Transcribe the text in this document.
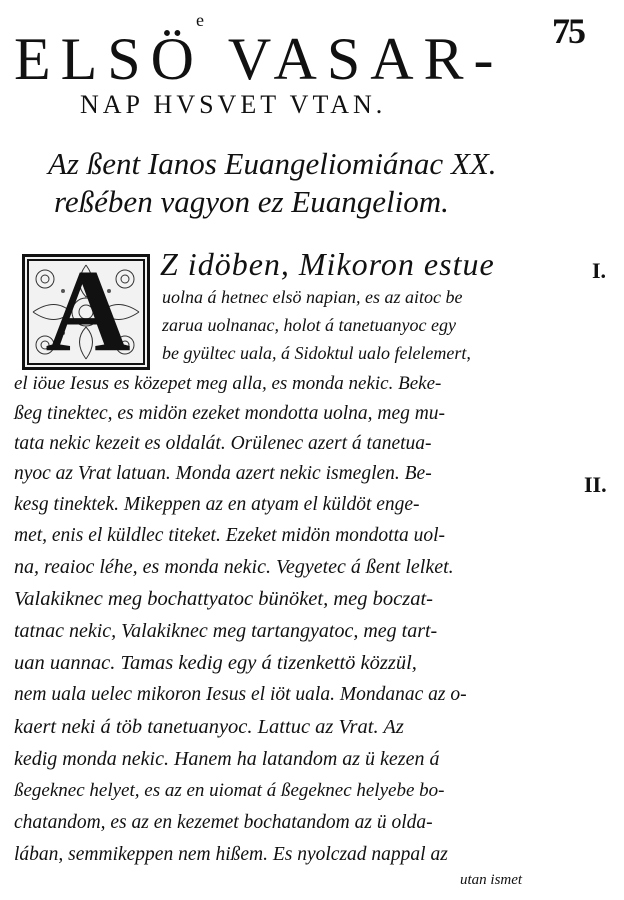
75
e
ELSÖ VASAR-
NAP HVSVET VTAN.
Az ßent Ianos Euangeliomiánac XX.
reßében vagyon ez Euangeliom.
A Z idöben, Mikoron estue	I.
II.
uolna á hetnec elsö napian, es az aitoc be
zarua uolnanac, holot á tanetuanyoc egy
be gyültec uala, á Sidoktul ualo felelemert,
el iöue Iesus es közepet meg alla, es monda nekic. Beke-
ßeg tinektec, es midön ezeket mondotta uolna, meg mu-
tata nekic kezeit es oldalát. Orülenec azert á tanetua-
nyoc az Vrat latuan. Monda azert nekic ismeglen. Be-
kesg tinektek. Mikeppen az en atyam el küldöt enge-
met, enis el küldlec titeket. Ezeket midön mondotta uol-
na, reaioc léhe, es monda nekic. Vegyetec á ßent lelket.
Valakiknec meg bochattyatoc bünöket, meg boczat-
tatnac nekic, Valakiknec meg tartangyatoc, meg tart-
uan uannac. Tamas kedig egy á tizenkettö közzül,
nem uala uelec mikoron Iesus el iöt uala. Mondanac az o-
kaert neki á töb tanetuanyoc. Lattuc az Vrat. Az
kedig monda nekic. Hanem ha latandom az ü kezen á
ßegeknec helyet, es az en uiomat á ßegeknec helyebe bo-
chatandom, es az en kezemet bochatandom az ü olda-
lában, semmikeppen nem hißem. Es nyolczad nappal az
utan ismet
